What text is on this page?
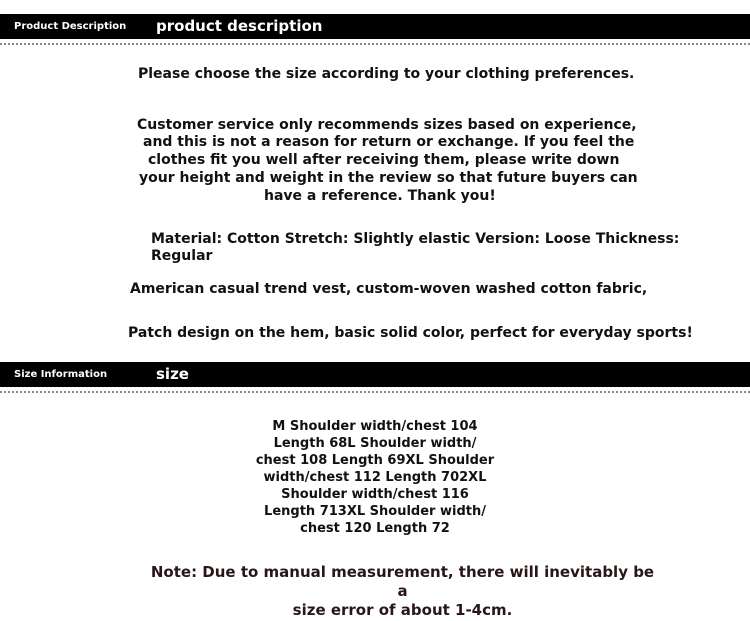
Product Description product description
Please choose the size according to your clothing preferences.
Customer service only recommends sizes based on experience,
and this is not a reason for return or exchange. If you feel the
clothes fit you well after receiving them, please write down
your height and weight in the review so that future buyers can
have a reference. Thank you!
Material: Cotton Stretch: Slightly elastic Version: Loose Thickness:
Regular
American casual trend vest, custom-woven washed cotton fabric,
Patch design on the hem, basic solid color, perfect for everyday sports!
Size Information	size
M Shoulder width/chest 104
Length 68L Shoulder width/
chest 108 Length 69XL Shoulder
width/chest 112 Length 702XL
Shoulder width/chest 116
Length 713XL Shoulder width/
chest 120 Length 72
Note: Due to manual measurement, there will inevitably be a
size error of about 1-4cm.
